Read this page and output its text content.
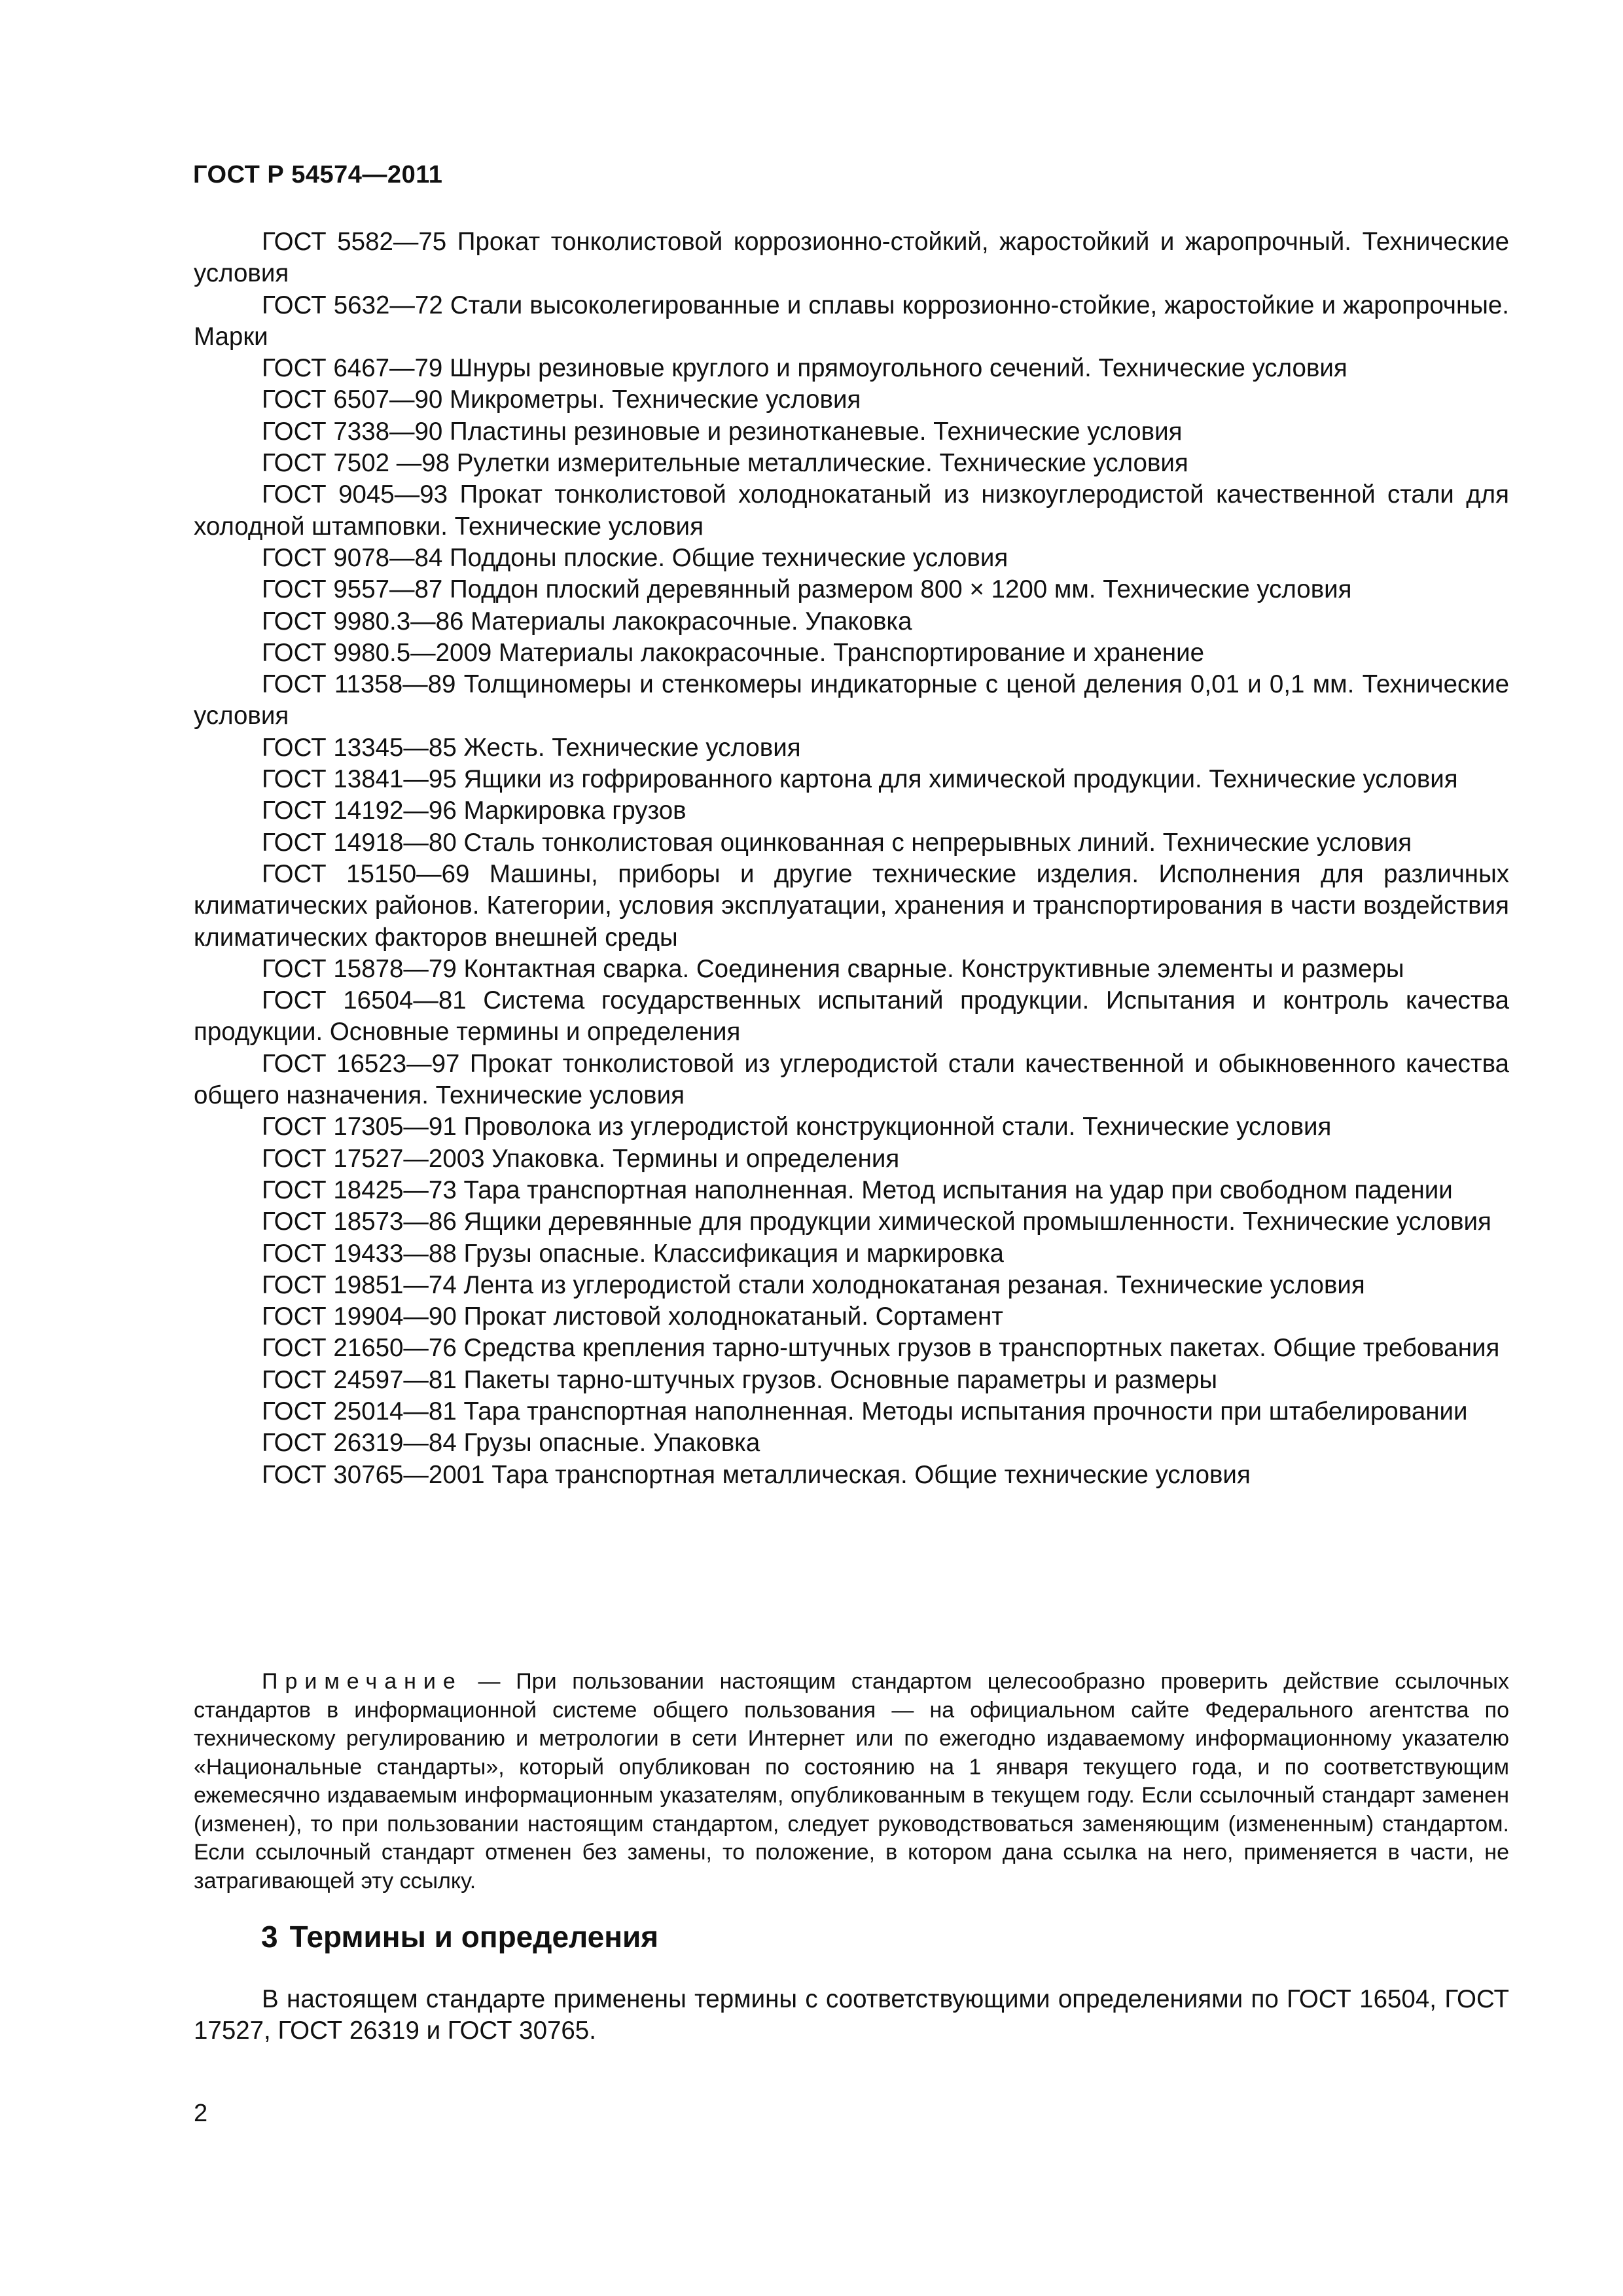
ГОСТ Р 54574—2011
ГОСТ 5582—75 Прокат тонколистовой коррозионно-стойкий, жаростойкий и жаропрочный. Технические условия
ГОСТ 5632—72 Стали высоколегированные и сплавы коррозионно-стойкие, жаростойкие и жаропрочные. Марки
ГОСТ 6467—79 Шнуры резиновые круглого и прямоугольного сечений. Технические условия
ГОСТ 6507—90 Микрометры. Технические условия
ГОСТ 7338—90 Пластины резиновые и резинотканевые. Технические условия
ГОСТ 7502 —98 Рулетки измерительные металлические. Технические условия
ГОСТ 9045—93 Прокат тонколистовой холоднокатаный из низкоуглеродистой качественной стали для холодной штамповки. Технические условия
ГОСТ 9078—84 Поддоны плоские. Общие технические условия
ГОСТ 9557—87 Поддон плоский деревянный размером 800 × 1200 мм. Технические условия
ГОСТ 9980.3—86 Материалы лакокрасочные. Упаковка
ГОСТ 9980.5—2009 Материалы лакокрасочные. Транспортирование и хранение
ГОСТ 11358—89 Толщиномеры и стенкомеры индикаторные с ценой деления 0,01 и 0,1 мм. Технические условия
ГОСТ 13345—85 Жесть. Технические условия
ГОСТ 13841—95 Ящики из гофрированного картона для химической продукции. Технические условия
ГОСТ 14192—96 Маркировка грузов
ГОСТ 14918—80 Сталь тонколистовая оцинкованная с непрерывных линий. Технические условия
ГОСТ 15150—69 Машины, приборы и другие технические изделия. Исполнения для различных климатических районов. Категории, условия эксплуатации, хранения и транспортирования в части воздействия климатических факторов внешней среды
ГОСТ 15878—79 Контактная сварка. Соединения сварные. Конструктивные элементы и размеры
ГОСТ 16504—81 Система государственных испытаний продукции. Испытания и контроль качества продукции. Основные термины и определения
ГОСТ 16523—97 Прокат тонколистовой из углеродистой стали качественной и обыкновенного качества общего назначения. Технические условия
ГОСТ 17305—91 Проволока из углеродистой конструкционной стали. Технические условия
ГОСТ 17527—2003 Упаковка. Термины и определения
ГОСТ 18425—73 Тара транспортная наполненная. Метод испытания на удар при свободном падении
ГОСТ 18573—86 Ящики деревянные для продукции химической промышленности. Технические условия
ГОСТ 19433—88 Грузы опасные. Классификация и маркировка
ГОСТ 19851—74 Лента из углеродистой стали холоднокатаная резаная. Технические условия
ГОСТ 19904—90 Прокат листовой холоднокатаный. Сортамент
ГОСТ 21650—76 Средства крепления тарно-штучных грузов в транспортных пакетах. Общие требования
ГОСТ 24597—81 Пакеты тарно-штучных грузов. Основные параметры и размеры
ГОСТ 25014—81 Тара транспортная наполненная. Методы испытания прочности при штабелировании
ГОСТ 26319—84 Грузы опасные. Упаковка
ГОСТ 30765—2001 Тара транспортная металлическая. Общие технические условия
Примечание — При пользовании настоящим стандартом целесообразно проверить действие ссылочных стандартов в информационной системе общего пользования — на официальном сайте Федерального агентства по техническому регулированию и метрологии в сети Интернет или по ежегодно издаваемому информационному указателю «Национальные стандарты», который опубликован по состоянию на 1 января текущего года, и по соответствующим ежемесячно издаваемым информационным указателям, опубликованным в текущем году. Если ссылочный стандарт заменен (изменен), то при пользовании настоящим стандартом, следует руководствоваться заменяющим (измененным) стандартом. Если ссылочный стандарт отменен без замены, то положение, в котором дана ссылка на него, применяется в части, не затрагивающей эту ссылку.
3 Термины и определения
В настоящем стандарте применены термины с соответствующими определениями по ГОСТ 16504, ГОСТ 17527, ГОСТ 26319 и ГОСТ 30765.
2
